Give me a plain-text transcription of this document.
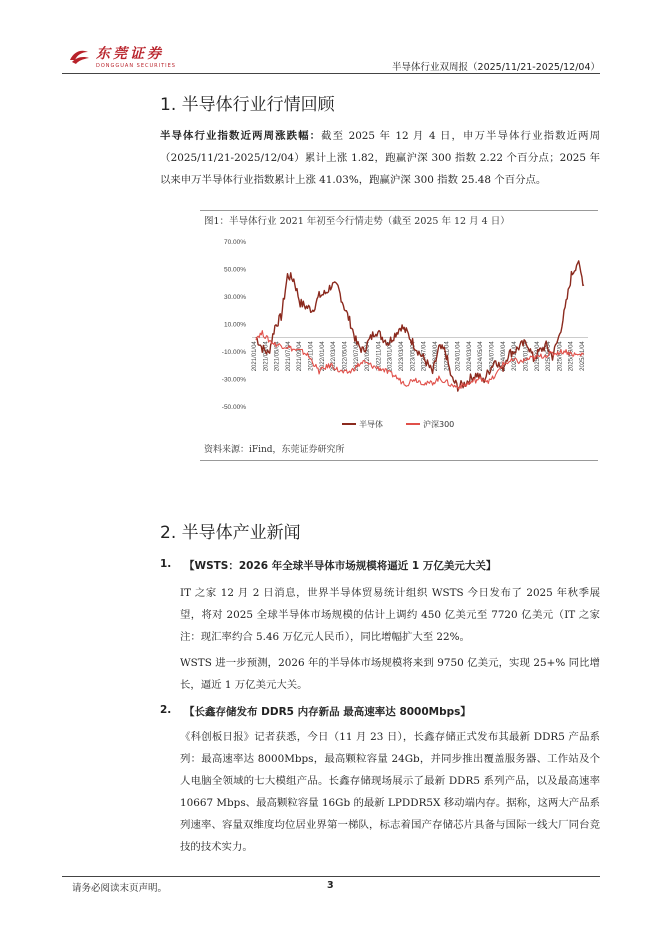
东莞证券
DONGGUAN SECURITIES	半导体行业双周报（2025/11/21-2025/12/04）
1. 半导体行业行情回顾

半导体行业指数近两周涨跌幅：截至 2025 年 12 月 4 日，申万半导体行业指数近两周（2025/11/21-2025/12/04）累计上涨 1.82，跑赢沪深 300 指数 2.22 个百分点；2025 年以来申万半导体行业指数累计上涨 41.03%，跑赢沪深 300 指数 25.48 个百分点。

图1：半导体行业 2021 年初至今行情走势（截至 2025 年 12 月 4 日）
70.00%
50.00%
30.00%
10.00%
-10.00%
-30.00%
-50.00%
2021/01/04 2021/03/04 2021/05/04 2021/07/04 2021/09/04 2021/11/04 2022/01/04 2022/03/04 2022/05/04 2022/07/04 2022/09/04 2022/11/04 2023/01/04 2023/03/04 2023/05/04 2023/07/04 2023/09/04 2023/11/04 2024/01/04 2024/03/04 2024/05/04 2024/07/04 2024/09/04 2024/11/04 2025/01/04 2025/03/04 2025/05/04 2025/07/04 2025/09/04 2025/11/04
半导体	沪深300
资料来源：iFind，东莞证券研究所
2. 半导体产业新闻
1. 【WSTS：2026 年全球半导体市场规模将逼近 1 万亿美元大关】

IT 之家 12 月 2 日消息，世界半导体贸易统计组织 WSTS 今日发布了 2025 年秋季展望，将对 2025 全球半导体市场规模的估计上调约 450 亿美元至 7720 亿美元（IT 之家注：现汇率约合 5.46 万亿元人民币），同比增幅扩大至 22%。

WSTS 进一步预测，2026 年的半导体市场规模将来到 9750 亿美元，实现 25+% 同比增长，逼近 1 万亿美元大关。

2. 【长鑫存储发布 DDR5 内存新品 最高速率达 8000Mbps】

《科创板日报》记者获悉，今日（11 月 23 日），长鑫存储正式发布其最新 DDR5 产品系列：最高速率达 8000Mbps，最高颗粒容量 24Gb，并同步推出覆盖服务器、工作站及个人电脑全领域的七大模组产品。长鑫存储现场展示了最新 DDR5 系列产品，以及最高速率 10667 Mbps、最高颗粒容量 16Gb 的最新 LPDDR5X 移动端内存。据称，这两大产品系列速率、容量双维度均位居业界第一梯队，标志着国产存储芯片具备与国际一线大厂同台竞技的技术实力。

请务必阅读末页声明。	3
